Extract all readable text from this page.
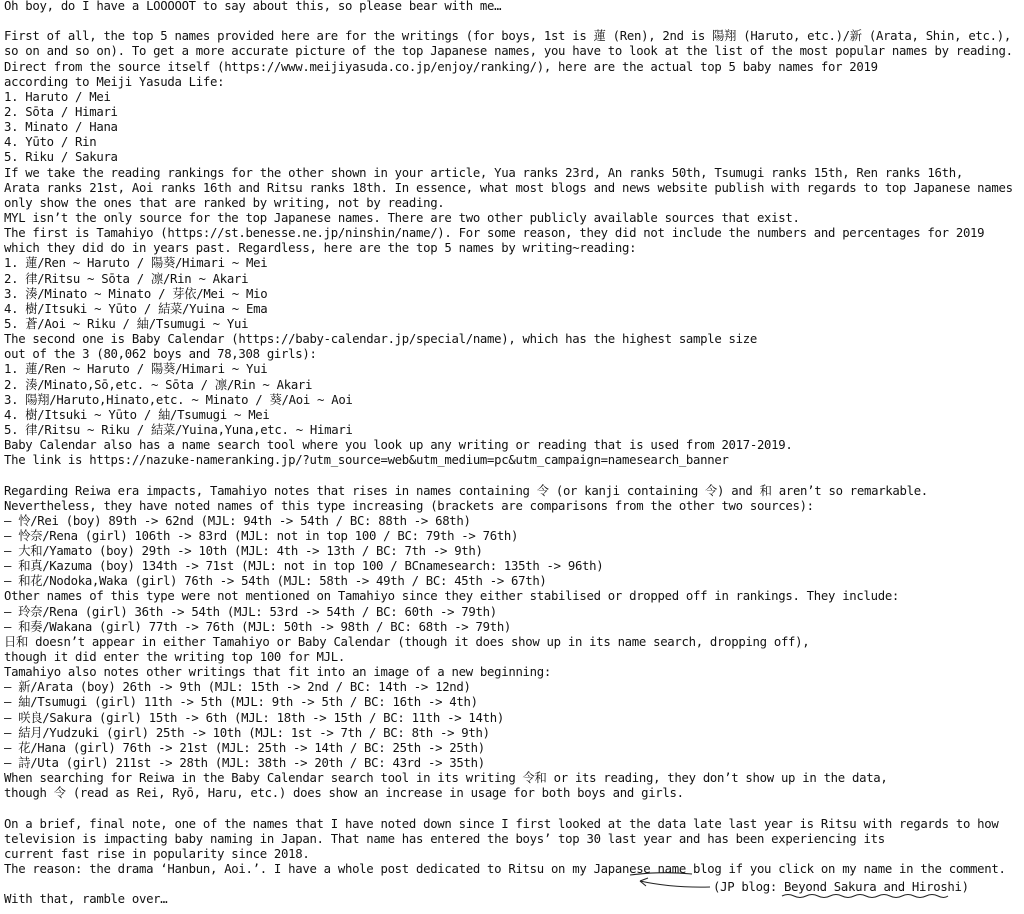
Oh boy, do I have a LOOOOOT to say about this, so please bear with me…
First of all, the top 5 names provided here are for the writings (for boys, 1st is 蓮 (Ren), 2nd is 陽翔 (Haruto, etc.)/新 (Arata, Shin, etc.),
so on and so on). To get a more accurate picture of the top Japanese names, you have to look at the list of the most popular names by reading.
Direct from the source itself (https://www.meijiyasuda.co.jp/enjoy/ranking/), here are the actual top 5 baby names for 2019
according to Meiji Yasuda Life:
1. Haruto / Mei
2. Sōta / Himari
3. Minato / Hana
4. Yūto / Rin
5. Riku / Sakura
If we take the reading rankings for the other shown in your article, Yua ranks 23rd, An ranks 50th, Tsumugi ranks 15th, Ren ranks 16th,
Arata ranks 21st, Aoi ranks 16th and Ritsu ranks 18th. In essence, what most blogs and news website publish with regards to top Japanese names
only show the ones that are ranked by writing, not by reading.
MYL isn’t the only source for the top Japanese names. There are two other publicly available sources that exist.
The first is Tamahiyo (https://st.benesse.ne.jp/ninshin/name/). For some reason, they did not include the numbers and percentages for 2019
which they did do in years past. Regardless, here are the top 5 names by writing~reading:
1. 蓮/Ren ~ Haruto / 陽葵/Himari ~ Mei
2. 律/Ritsu ~ Sōta / 凛/Rin ~ Akari
3. 湊/Minato ~ Minato / 芽依/Mei ~ Mio
4. 樹/Itsuki ~ Yūto / 結菜/Yuina ~ Ema
5. 蒼/Aoi ~ Riku / 紬/Tsumugi ~ Yui
The second one is Baby Calendar (https://baby-calendar.jp/special/name), which has the highest sample size
out of the 3 (80,062 boys and 78,308 girls):
1. 蓮/Ren ~ Haruto / 陽葵/Himari ~ Yui
2. 湊/Minato,Sō,etc. ~ Sōta / 凛/Rin ~ Akari
3. 陽翔/Haruto,Hinato,etc. ~ Minato / 葵/Aoi ~ Aoi
4. 樹/Itsuki ~ Yūto / 紬/Tsumugi ~ Mei
5. 律/Ritsu ~ Riku / 結菜/Yuina,Yuna,etc. ~ Himari
Baby Calendar also has a name search tool where you look up any writing or reading that is used from 2017-2019.
The link is https://nazuke-nameranking.jp/?utm_source=web&utm_medium=pc&utm_campaign=namesearch_banner
Regarding Reiwa era impacts, Tamahiyo notes that rises in names containing 令 (or kanji containing 令) and 和 aren’t so remarkable.
Nevertheless, they have noted names of this type increasing (brackets are comparisons from the other two sources):
– 怜/Rei (boy) 89th -> 62nd (MJL: 94th -> 54th / BC: 88th -> 68th)
– 怜奈/Rena (girl) 106th -> 83rd (MJL: not in top 100 / BC: 79th -> 76th)
– 大和/Yamato (boy) 29th -> 10th (MJL: 4th -> 13th / BC: 7th -> 9th)
– 和真/Kazuma (boy) 134th -> 71st (MJL: not in top 100 / BCnamesearch: 135th -> 96th)
– 和花/Nodoka,Waka (girl) 76th -> 54th (MJL: 58th -> 49th / BC: 45th -> 67th)
Other names of this type were not mentioned on Tamahiyo since they either stabilised or dropped off in rankings. They include:
– 玲奈/Rena (girl) 36th -> 54th (MJL: 53rd -> 54th / BC: 60th -> 79th)
– 和奏/Wakana (girl) 77th -> 76th (MJL: 50th -> 98th / BC: 68th -> 79th)
日和 doesn’t appear in either Tamahiyo or Baby Calendar (though it does show up in its name search, dropping off),
though it did enter the writing top 100 for MJL.
Tamahiyo also notes other writings that fit into an image of a new beginning:
– 新/Arata (boy) 26th -> 9th (MJL: 15th -> 2nd / BC: 14th -> 12nd)
– 紬/Tsumugi (girl) 11th -> 5th (MJL: 9th -> 5th / BC: 16th -> 4th)
– 咲良/Sakura (girl) 15th -> 6th (MJL: 18th -> 15th / BC: 11th -> 14th)
– 結月/Yudzuki (girl) 25th -> 10th (MJL: 1st -> 7th / BC: 8th -> 9th)
– 花/Hana (girl) 76th -> 21st (MJL: 25th -> 14th / BC: 25th -> 25th)
– 詩/Uta (girl) 211st -> 28th (MJL: 38th -> 20th / BC: 43rd -> 35th)
When searching for Reiwa in the Baby Calendar search tool in its writing 令和 or its reading, they don’t show up in the data,
though 令 (read as Rei, Ryō, Haru, etc.) does show an increase in usage for both boys and girls.
On a brief, final note, one of the names that I have noted down since I first looked at the data late last year is Ritsu with regards to how
television is impacting baby naming in Japan. That name has entered the boys’ top 30 last year and has been experiencing its
current fast rise in popularity since 2018.
The reason: the drama ‘Hanbun, Aoi.’. I have a whole post dedicated to Ritsu on my Japanese name blog if you click on my name in the comment.
With that, ramble over…
(JP blog: Beyond Sakura and Hiroshi)
